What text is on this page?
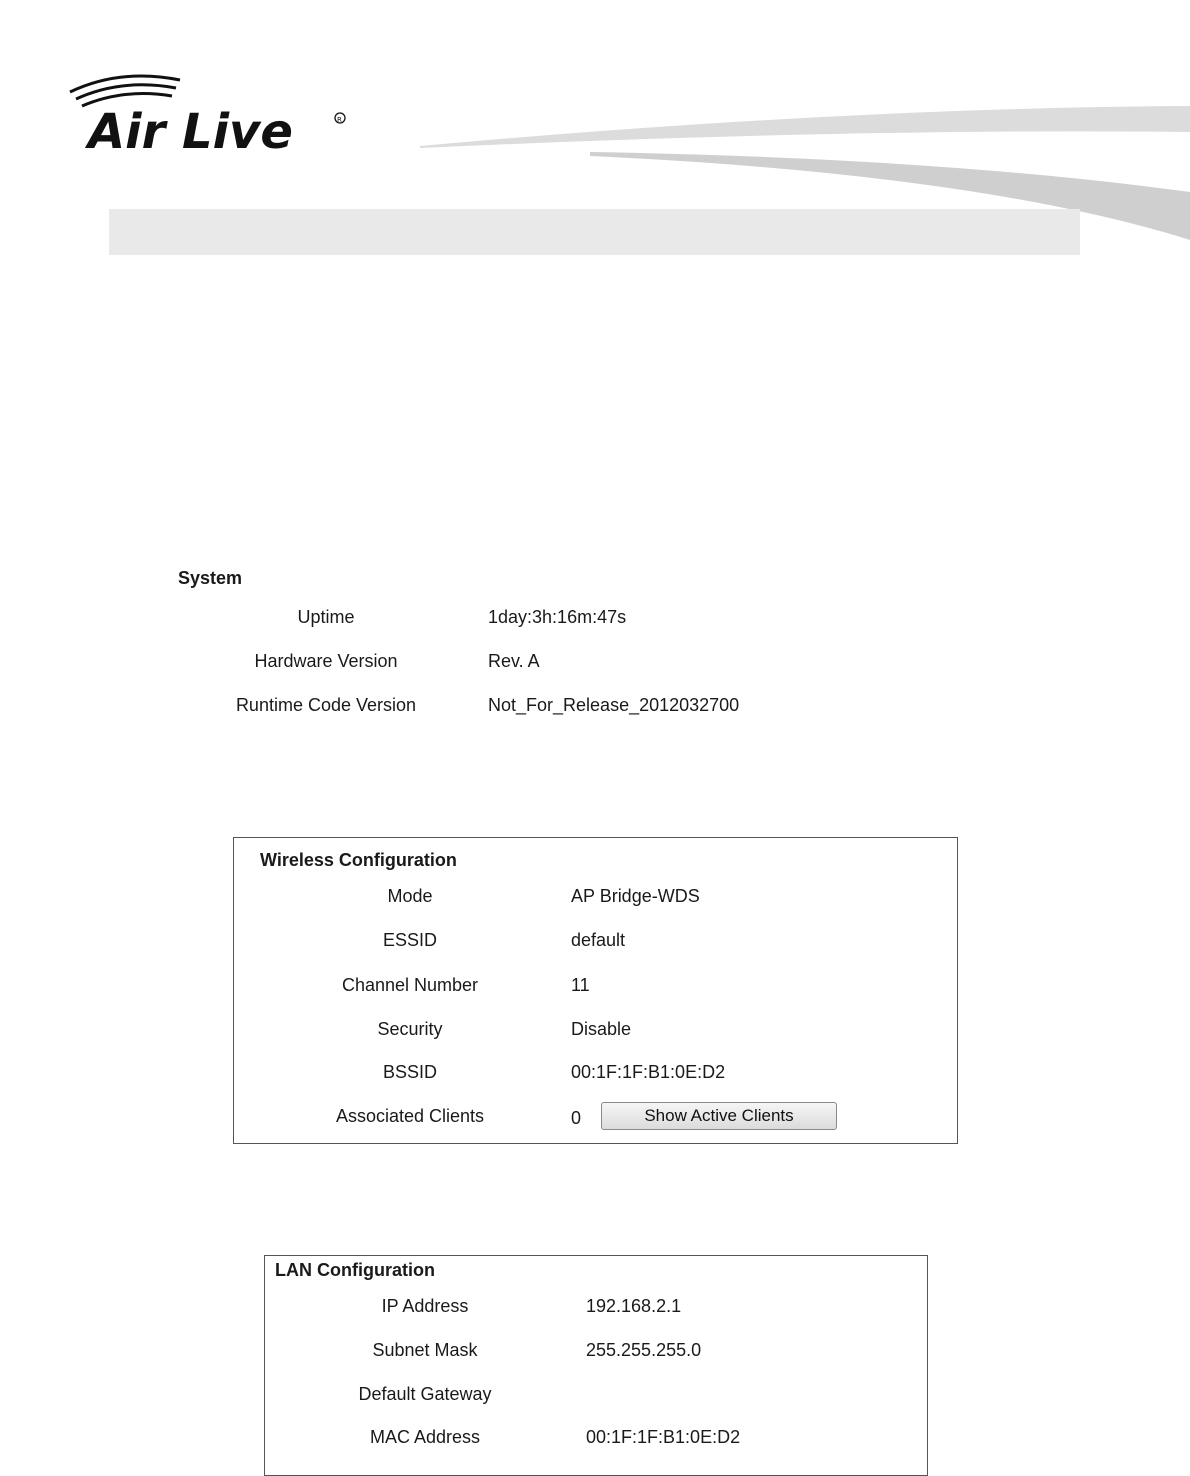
Air Live	R
System
Uptime	1day:3h:16m:47s
Hardware Version	Rev. A
Runtime Code Version	Not_For_Release_2012032700
Wireless Configuration
Mode	AP Bridge-WDS
ESSID	default
Channel Number	11
Security	Disable
BSSID	00:1F:1F:B1:0E:D2
Associated Clients	0	Show Active Clients
LAN Configuration
IP Address	192.168.2.1
Subnet Mask	255.255.255.0
Default Gateway
MAC Address	00:1F:1F:B1:0E:D2
